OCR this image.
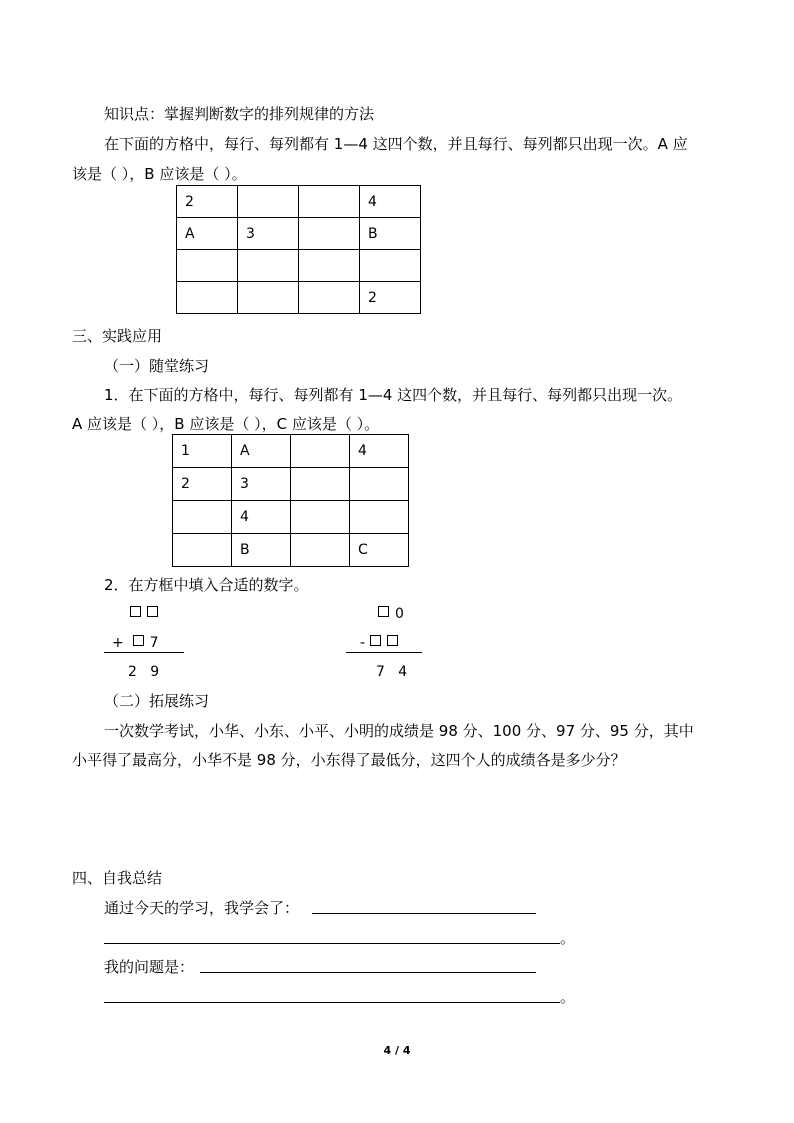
知识点：掌握判断数字的排列规律的方法
在下面的方格中，每行、每列都有 1—4 这四个数，并且每行、每列都只出现一次。A 应
该是（ ），B 应该是（ ）。
2			4
A	3		B

			2
三、实践应用
（一）随堂练习
1．在下面的方格中，每行、每列都有 1—4 这四个数，并且每行、每列都只出现一次。
A 应该是（ ），B 应该是（ ），C 应该是（ ）。
1	A		4
2	3		
	4		
	B		C
2．在方框中填入合适的数字。
+ 7
2   9
0
-
7   4
（二）拓展练习
一次数学考试，小华、小东、小平、小明的成绩是 98 分、100 分、97 分、95 分，其中
小平得了最高分，小华不是 98 分，小东得了最低分，这四个人的成绩各是多少分？
四、自我总结
通过今天的学习，我学会了：
。
我的问题是：
。
4 / 4
